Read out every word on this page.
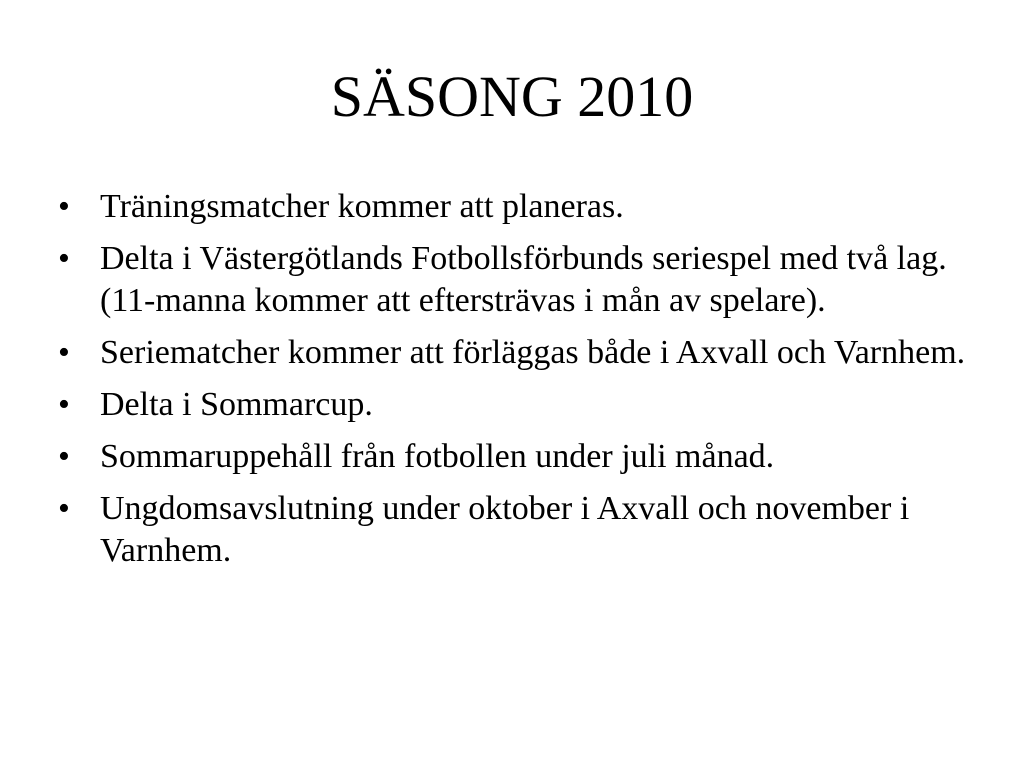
SÄSONG 2010
• Träningsmatcher kommer att planeras.
• Delta i Västergötlands Fotbollsförbunds seriespel med två lag. (11-manna kommer att eftersträvas i mån av spelare).
• Seriematcher kommer att förläggas både i Axvall och Varnhem.
• Delta i Sommarcup.
• Sommaruppehåll från fotbollen under juli månad.
• Ungdomsavslutning under oktober i Axvall och november i Varnhem.
